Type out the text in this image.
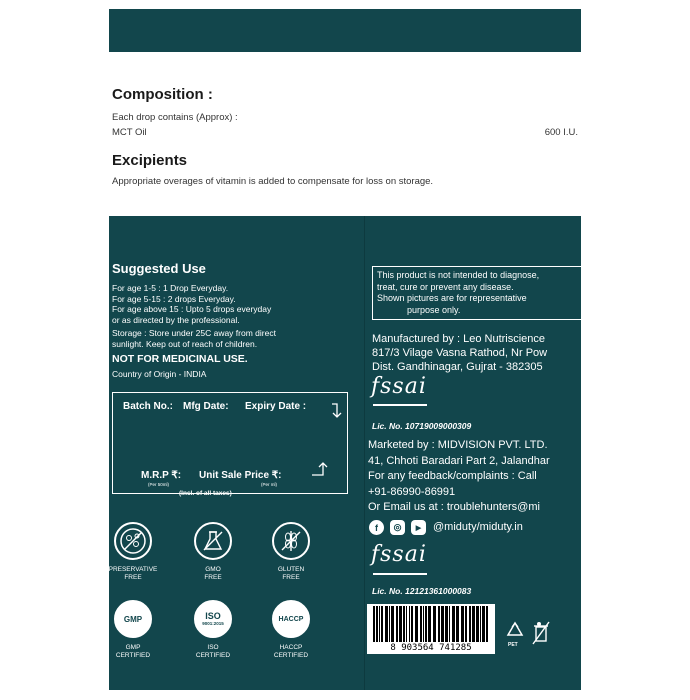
Composition :

Each drop contains (Approx) :
MCT Oil	600 I.U.

Excipients

Appropriate overages of vitamin is added to compensate for loss on storage.
Suggested Use
For age 1-5 : 1 Drop Everyday.
For age 5-15 : 2 drops Everyday.
For age above 15 : Upto 5 drops everyday
or as directed by the professional.
Storage : Store under 25C away from direct
sunlight. Keep out of reach of children.
NOT FOR MEDICINAL USE.
Country of Origin - INDIA
Batch No.: Mfg Date: Expiry Date :
M.R.P ₹:
(Per 50ml)
Unit Sale Price ₹:
(Per ml)
(Incl. of all taxes)
PRESERVATIVE
FREE
GMO
FREE
GLUTEN
FREE
GMP
GMP
CERTIFIED
ISO
9001:2015
ISO
CERTIFIED
HACCP
HACCP
CERTIFIED
This product is not intended to diagnose,
treat, cure or prevent any disease.
Shown pictures are for representative
purpose only.
Manufactured by : Leo Nutriscience
817/3 Vilage Vasna Rathod, Nr Pow
Dist. Gandhinagar, Gujrat - 382305
fssai
Lic. No. 10719009000309
Marketed by : MIDVISION PVT. LTD.
41, Chhoti Baradari Part 2, Jalandhar
For any feedback/complaints : Call
+91-86990-86991
Or Email us at : troublehunters@mi
f ◎ ▶ @miduty/miduty.in
fssai
Lic. No. 12121361000083
8 903564 741285	PET
